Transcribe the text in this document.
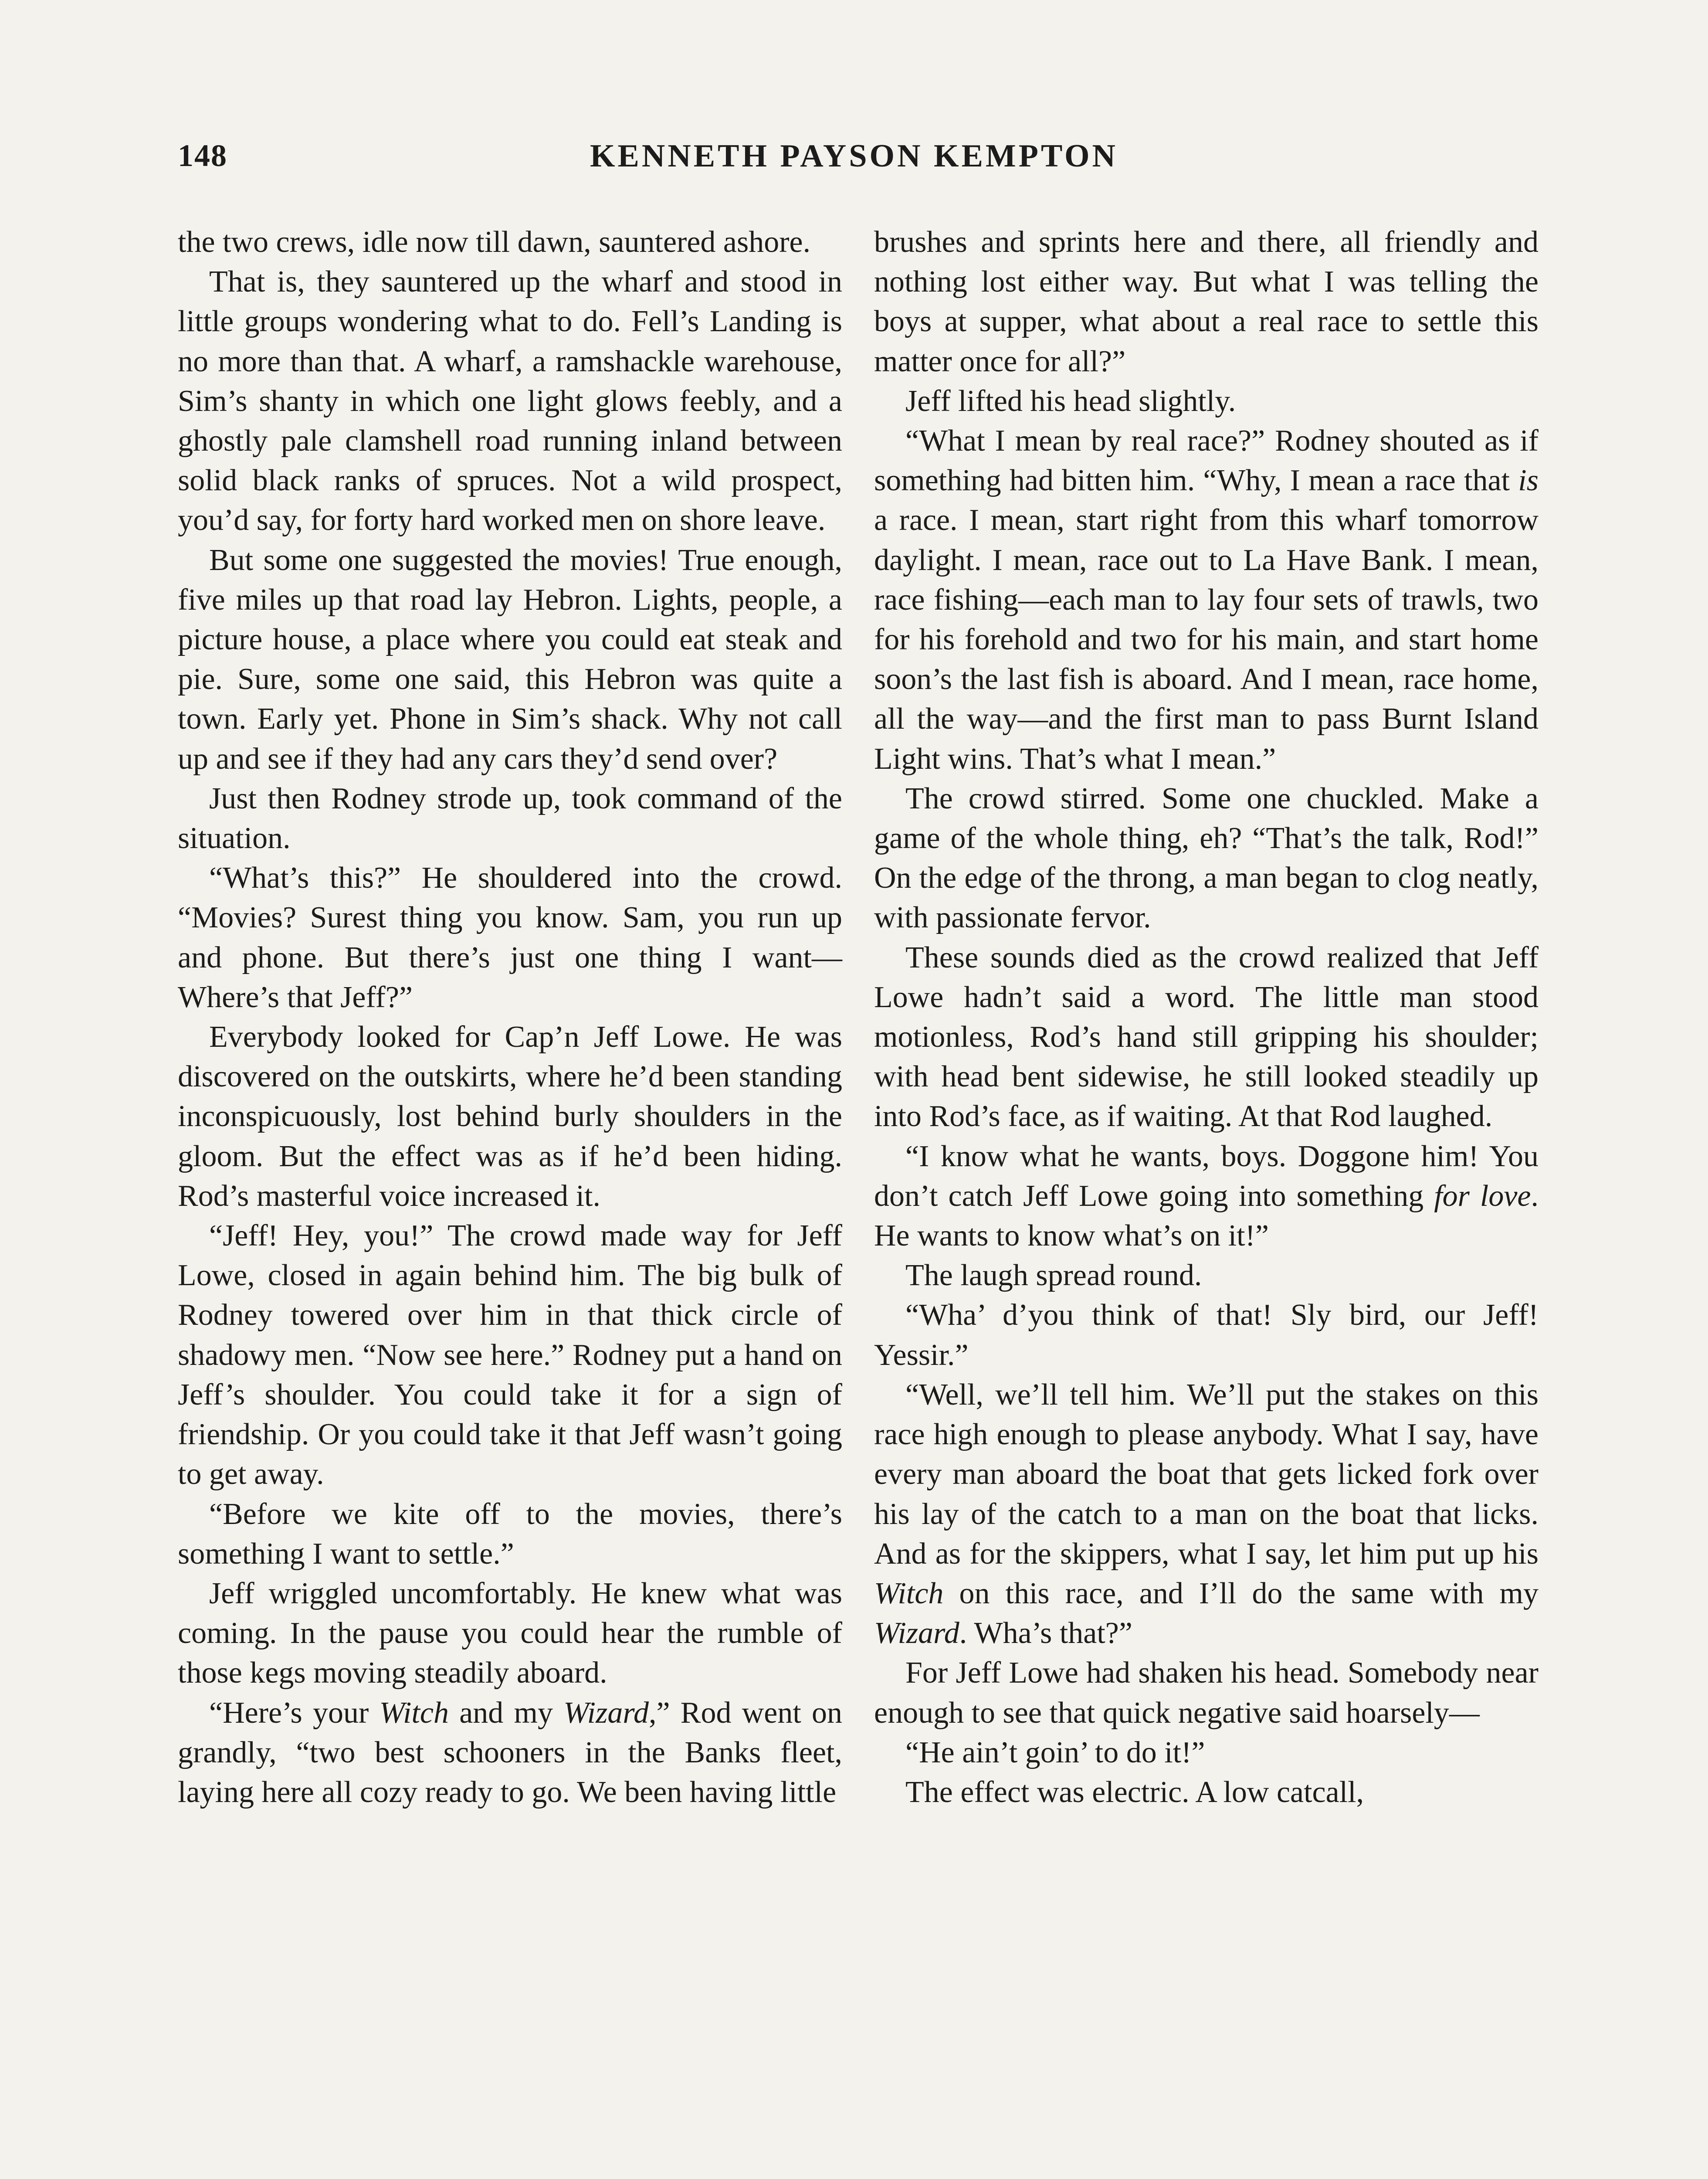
148	KENNETH PAYSON KEMPTON

the two crews, idle now till dawn, sauntered ashore.

That is, they sauntered up the wharf and stood in little groups wondering what to do. Fell’s Landing is no more than that. A wharf, a ramshackle warehouse, Sim’s shanty in which one light glows feebly, and a ghostly pale clamshell road running inland between solid black ranks of spruces. Not a wild prospect, you’d say, for forty hard worked men on shore leave.

But some one suggested the movies! True enough, five miles up that road lay Hebron. Lights, people, a picture house, a place where you could eat steak and pie. Sure, some one said, this Hebron was quite a town. Early yet. Phone in Sim’s shack. Why not call up and see if they had any cars they’d send over?

Just then Rodney strode up, took command of the situation.

“What’s this?” He shouldered into the crowd. “Movies? Surest thing you know. Sam, you run up and phone. But there’s just one thing I want—Where’s that Jeff?”

Everybody looked for Cap’n Jeff Lowe. He was discovered on the outskirts, where he’d been standing inconspicuously, lost behind burly shoulders in the gloom. But the effect was as if he’d been hiding. Rod’s masterful voice increased it.

“Jeff! Hey, you!” The crowd made way for Jeff Lowe, closed in again behind him. The big bulk of Rodney towered over him in that thick circle of shadowy men. “Now see here.” Rodney put a hand on Jeff’s shoulder. You could take it for a sign of friendship. Or you could take it that Jeff wasn’t going to get away.

“Before we kite off to the movies, there’s something I want to settle.”

Jeff wriggled uncomfortably. He knew what was coming. In the pause you could hear the rumble of those kegs moving steadily aboard.

“Here’s your Witch and my Wizard,” Rod went on grandly, “two best schooners in the Banks fleet, laying here all cozy ready to go. We been having little

brushes and sprints here and there, all friendly and nothing lost either way. But what I was telling the boys at supper, what about a real race to settle this matter once for all?”

Jeff lifted his head slightly.

“What I mean by real race?” Rodney shouted as if something had bitten him. “Why, I mean a race that is a race. I mean, start right from this wharf tomorrow daylight. I mean, race out to La Have Bank. I mean, race fishing—each man to lay four sets of trawls, two for his forehold and two for his main, and start home soon’s the last fish is aboard. And I mean, race home, all the way—and the first man to pass Burnt Island Light wins. That’s what I mean.”

The crowd stirred. Some one chuckled. Make a game of the whole thing, eh? “That’s the talk, Rod!” On the edge of the throng, a man began to clog neatly, with passionate fervor.

These sounds died as the crowd realized that Jeff Lowe hadn’t said a word. The little man stood motionless, Rod’s hand still gripping his shoulder; with head bent sidewise, he still looked steadily up into Rod’s face, as if waiting. At that Rod laughed.

“I know what he wants, boys. Doggone him! You don’t catch Jeff Lowe going into something for love. He wants to know what’s on it!”

The laugh spread round.

“Wha’ d’you think of that! Sly bird, our Jeff! Yessir.”

“Well, we’ll tell him. We’ll put the stakes on this race high enough to please anybody. What I say, have every man aboard the boat that gets licked fork over his lay of the catch to a man on the boat that licks. And as for the skippers, what I say, let him put up his Witch on this race, and I’ll do the same with my Wizard. Wha’s that?”

For Jeff Lowe had shaken his head. Somebody near enough to see that quick negative said hoarsely—

“He ain’t goin’ to do it!”

The effect was electric. A low catcall,
